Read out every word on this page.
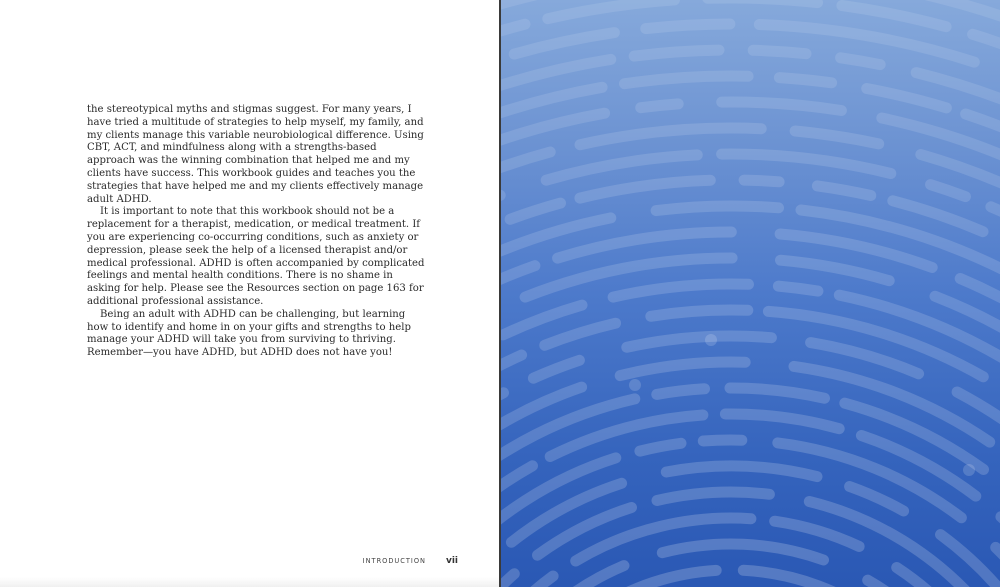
the stereotypical myths and stigmas suggest. For many years, I have tried a multitude of strategies to help myself, my family, and my clients manage this variable neurobiological difference. Using CBT, ACT, and mindfulness along with a strengths-based approach was the winning combination that helped me and my clients have success. This workbook guides and teaches you the strategies that have helped me and my clients effectively manage adult ADHD.

It is important to note that this workbook should not be a replacement for a therapist, medication, or medical treatment. If you are experiencing co-occurring conditions, such as anxiety or depression, please seek the help of a licensed therapist and/or medical professional. ADHD is often accompanied by complicated feelings and mental health conditions. There is no shame in asking for help. Please see the Resources section on page 163 for additional professional assistance.

Being an adult with ADHD can be challenging, but learning how to identify and home in on your gifts and strengths to help manage your ADHD will take you from surviving to thriving. Remember—you have ADHD, but ADHD does not have you!

INTRODUCTION vii
